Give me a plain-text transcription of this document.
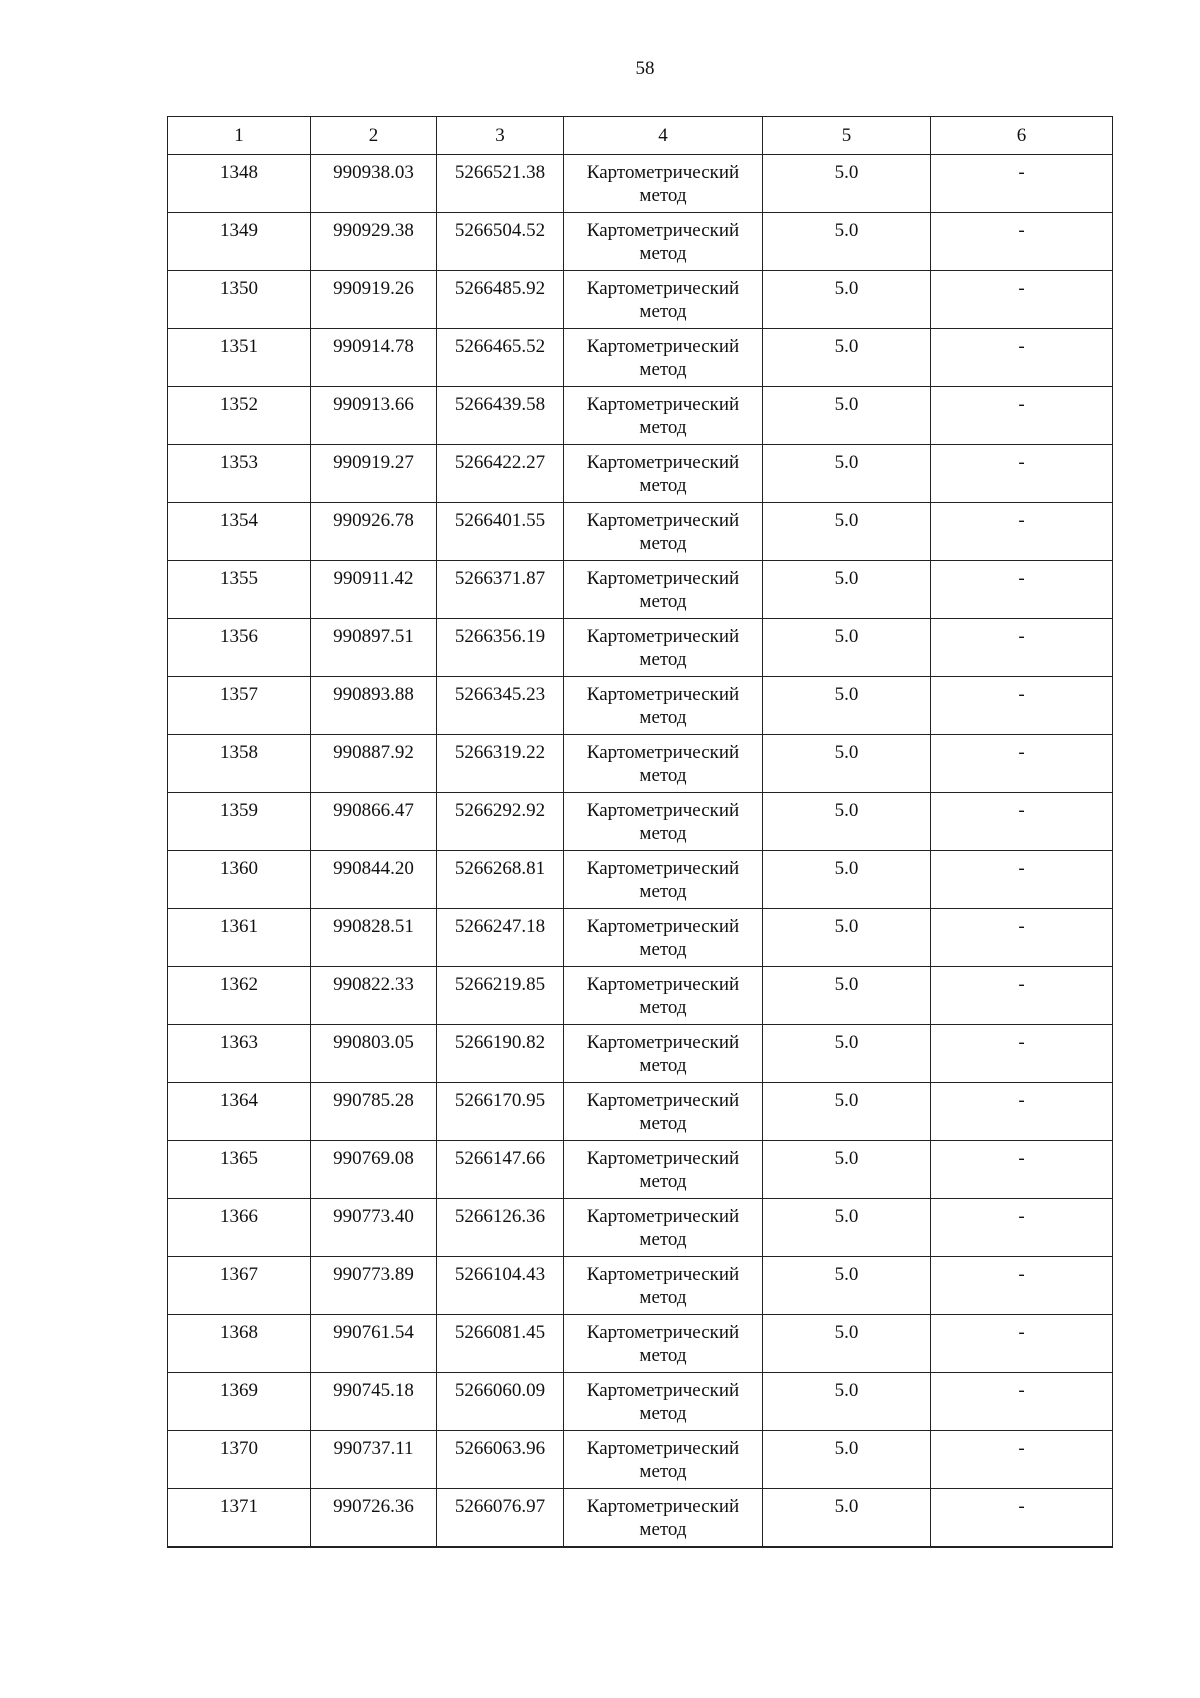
58
1	2	3	4	5	6
1348	990938.03	5266521.38	Картометрический метод	5.0	-
1349	990929.38	5266504.52	Картометрический метод	5.0	-
1350	990919.26	5266485.92	Картометрический метод	5.0	-
1351	990914.78	5266465.52	Картометрический метод	5.0	-
1352	990913.66	5266439.58	Картометрический метод	5.0	-
1353	990919.27	5266422.27	Картометрический метод	5.0	-
1354	990926.78	5266401.55	Картометрический метод	5.0	-
1355	990911.42	5266371.87	Картометрический метод	5.0	-
1356	990897.51	5266356.19	Картометрический метод	5.0	-
1357	990893.88	5266345.23	Картометрический метод	5.0	-
1358	990887.92	5266319.22	Картометрический метод	5.0	-
1359	990866.47	5266292.92	Картометрический метод	5.0	-
1360	990844.20	5266268.81	Картометрический метод	5.0	-
1361	990828.51	5266247.18	Картометрический метод	5.0	-
1362	990822.33	5266219.85	Картометрический метод	5.0	-
1363	990803.05	5266190.82	Картометрический метод	5.0	-
1364	990785.28	5266170.95	Картометрический метод	5.0	-
1365	990769.08	5266147.66	Картометрический метод	5.0	-
1366	990773.40	5266126.36	Картометрический метод	5.0	-
1367	990773.89	5266104.43	Картометрический метод	5.0	-
1368	990761.54	5266081.45	Картометрический метод	5.0	-
1369	990745.18	5266060.09	Картометрический метод	5.0	-
1370	990737.11	5266063.96	Картометрический метод	5.0	-
1371	990726.36	5266076.97	Картометрический метод	5.0	-
